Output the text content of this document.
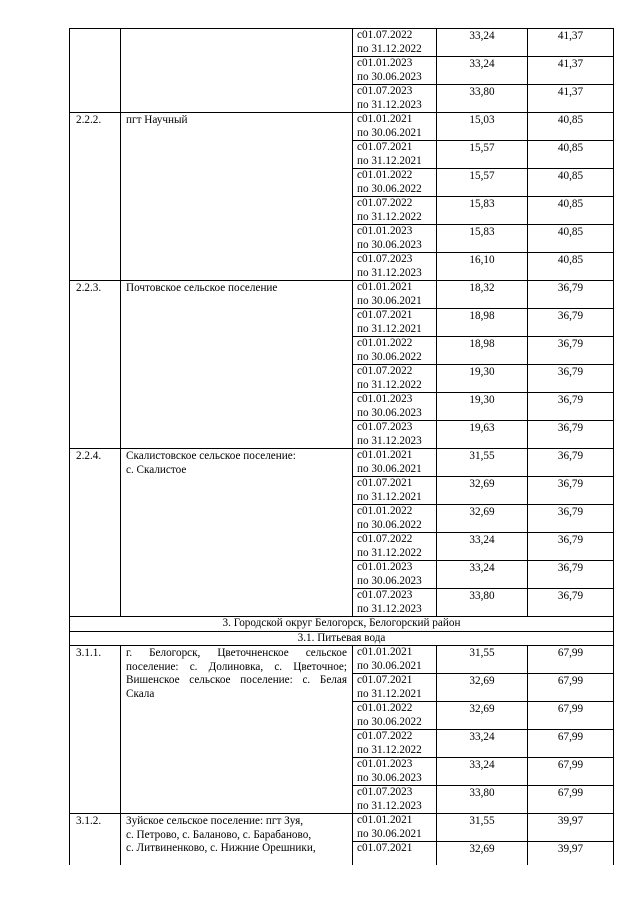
		с 01.07.2022
по 31.12.2022	33,24	41,37

		с 01.01.2023
по 30.06.2023	33,24	41,37

		с 01.07.2023
по 31.12.2023	33,80	41,37
2.2.2.	пгт Научный	с 01.01.2021
по 30.06.2021	15,03	40,85

		с 01.07.2021
по 31.12.2021	15,57	40,85

		с 01.01.2022
по 30.06.2022	15,57	40,85

		с 01.07.2022
по 31.12.2022	15,83	40,85

		с 01.01.2023
по 30.06.2023	15,83	40,85

		с 01.07.2023
по 31.12.2023	16,10	40,85
2.2.3.	Почтовское сельское поселение	с 01.01.2021
по 30.06.2021	18,32	36,79

		с 01.07.2021
по 31.12.2021	18,98	36,79

		с 01.01.2022
по 30.06.2022	18,98	36,79

		с 01.07.2022
по 31.12.2022	19,30	36,79

		с 01.01.2023
по 30.06.2023	19,30	36,79

		с 01.07.2023
по 31.12.2023	19,63	36,79
2.2.4.	Скалистовское сельское поселение:
с. Скалистое	с 01.01.2021
по 30.06.2021	31,55	36,79

		с 01.07.2021
по 31.12.2021	32,69	36,79

		с 01.01.2022
по 30.06.2022	32,69	36,79

		с 01.07.2022
по 31.12.2022	33,24	36,79

		с 01.01.2023
по 30.06.2023	33,24	36,79

		с 01.07.2023
по 31.12.2023	33,80	36,79
3. Городской округ Белогорск, Белогорский район				
3.1. Питьевая вода				
3.1.1.	г. Белогорск, Цветочненское сельское
поселение: с. Долиновка, с. Цветочное;
Вишенское сельское поселение: с. Белая
Скала	с 01.01.2021
по 30.06.2021	31,55	67,99

		с 01.07.2021
по 31.12.2021	32,69	67,99

		с 01.01.2022
по 30.06.2022	32,69	67,99

		с 01.07.2022
по 31.12.2022	33,24	67,99

		с 01.01.2023
по 30.06.2023	33,24	67,99

		с 01.07.2023
по 31.12.2023	33,80	67,99
3.1.2.	Зуйское сельское поселение: пгт Зуя,
с. Петрово, с. Баланово, с. Барабаново,
с. Литвиненково, с. Нижние Орешники,	с 01.01.2021
по 30.06.2021	31,55	39,97

		с 01.07.2021	32,69	39,97
